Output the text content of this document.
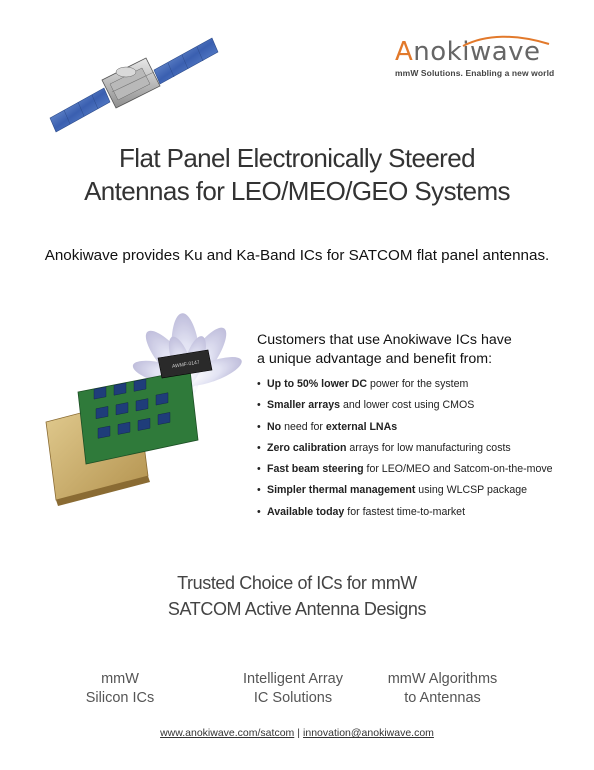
Anokiwave
mmW Solutions. Enabling a new world
Flat Panel Electronically Steered
Antennas for LEO/MEO/GEO Systems
Anokiwave provides Ku and Ka-Band ICs for SATCOM flat panel antennas.
AWMF-0147
Customers that use Anokiwave ICs have
a unique advantage and benefit from:
• Up to 50% lower DC power for the system
• Smaller arrays and lower cost using CMOS
• No need for external LNAs
• Zero calibration arrays for low manufacturing costs
• Fast beam steering for LEO/MEO and Satcom-on-the-move
• Simpler thermal management using WLCSP package
• Available today for fastest time-to-market
Trusted Choice of ICs for mmW
SATCOM Active Antenna Designs
mmW
Silicon ICs
Intelligent Array
IC Solutions
mmW Algorithms
to Antennas
www.anokiwave.com/satcom | innovation@anokiwave.com
